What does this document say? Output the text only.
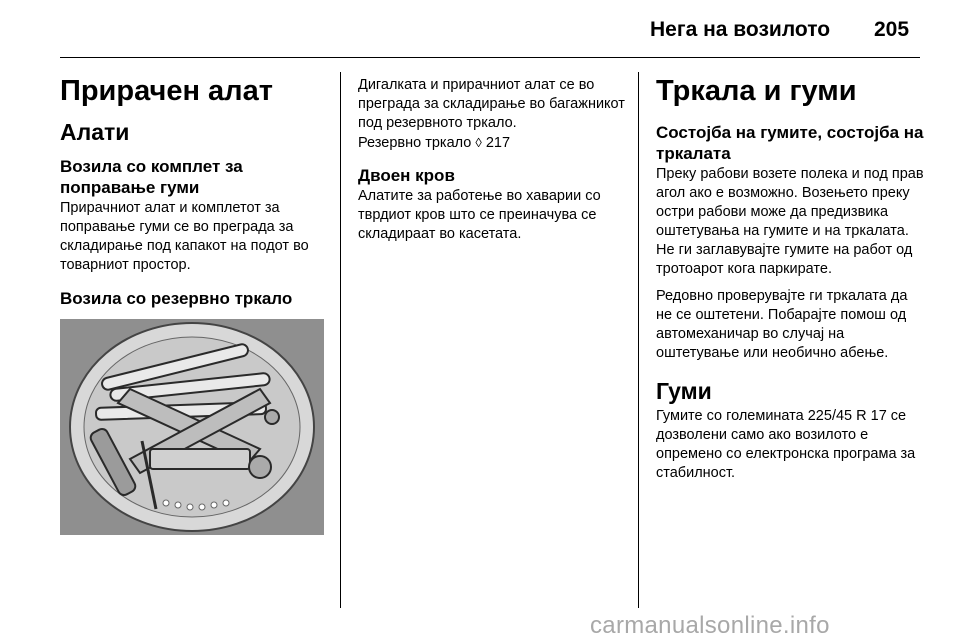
Нега на возилото 205
Прирачен алат
Алати
Возила со комплет за поправање гуми
Прирачниот алат и комплетот за поправање гуми се во преграда за складирање под капакот на подот во товарниот простор.
Возила со резервно тркало
Дигалката и прирачниот алат се во преграда за складирање во багажникот под резервното тркало.
Резервно тркало ◊ 217
Двоен кров
Алатите за работење во хаварии со тврдиот кров што се преиначува се складираат во касетата.
Тркала и гуми
Состојба на гумите, состојба на тркалата
Преку рабови возете полека и под прав агол ако е возможно. Возењето преку остри рабови може да предизвика оштетувања на гумите и на тркалата. Не ги заглавувајте гумите на работ од тротоарот кога паркирате.
Редовно проверувајте ги тркалата да не се оштетени. Побарајте помош од автомеханичар во случај на оштетување или необично абење.
Гуми
Гумите со големината 225/45 R 17 се дозволени само ако возилото е опремено со електронска програма за стабилност.
carmanualsonline.info
